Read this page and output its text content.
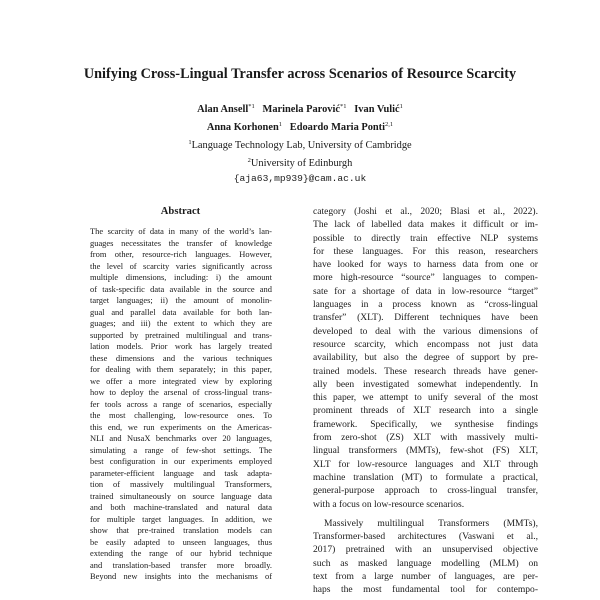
Unifying Cross-Lingual Transfer across Scenarios of Resource Scarcity
Alan Ansell$^{*1}$ Marinela Parović$^{*1}$ Ivan Vulić$^1$
Anna Korhonen$^1$ Edoardo Maria Ponti$^{2,1}$
$^1$Language Technology Lab, University of Cambridge
$^2$University of Edinburgh
{aja63,mp939}@cam.ac.uk
Abstract
The scarcity of data in many of the world’s lan-
guages necessitates the transfer of knowledge
from other, resource-rich languages. However,
the level of scarcity varies significantly across
multiple dimensions, including: i) the amount
of task-specific data available in the source and
target languages; ii) the amount of monolin-
gual and parallel data available for both lan-
guages; and iii) the extent to which they are
supported by pretrained multilingual and trans-
lation models. Prior work has largely treated
these dimensions and the various techniques
for dealing with them separately; in this paper,
we offer a more integrated view by exploring
how to deploy the arsenal of cross-lingual trans-
fer tools across a range of scenarios, especially
the most challenging, low-resource ones. To
this end, we run experiments on the Americas-
NLI and NusaX benchmarks over 20 languages,
simulating a range of few-shot settings. The
best configuration in our experiments employed
parameter-efficient language and task adapta-
tion of massively multilingual Transformers,
trained simultaneously on source language data
and both machine-translated and natural data
for multiple target languages. In addition, we
show that pre-trained translation models can
be easily adapted to unseen languages, thus
extending the range of our hybrid technique
and translation-based transfer more broadly.
Beyond new insights into the mechanisms of

category (Joshi et al., 2020; Blasi et al., 2022).
The lack of labelled data makes it difficult or im-
possible to directly train effective NLP systems
for these languages. For this reason, researchers
have looked for ways to harness data from one or
more high-resource “source” languages to compen-
sate for a shortage of data in low-resource “target”
languages in a process known as “cross-lingual
transfer” (XLT). Different techniques have been
developed to deal with the various dimensions of
resource scarcity, which encompass not just data
availability, but also the degree of support by pre-
trained models. These research threads have gener-
ally been investigated somewhat independently. In
this paper, we attempt to unify several of the most
prominent threads of XLT research into a single
framework. Specifically, we synthesise findings
from zero-shot (ZS) XLT with massively multi-
lingual transformers (MMTs), few-shot (FS) XLT,
XLT for low-resource languages and XLT through
machine translation (MT) to formulate a practical,
general-purpose approach to cross-lingual transfer,
with a focus on low-resource scenarios.

Massively multilingual Transformers (MMTs),
Transformer-based architectures (Vaswani et al.,
2017) pretrained with an unsupervised objective
such as masked language modelling (MLM) on
text from a large number of languages, are per-
haps the most fundamental tool for contempo-
